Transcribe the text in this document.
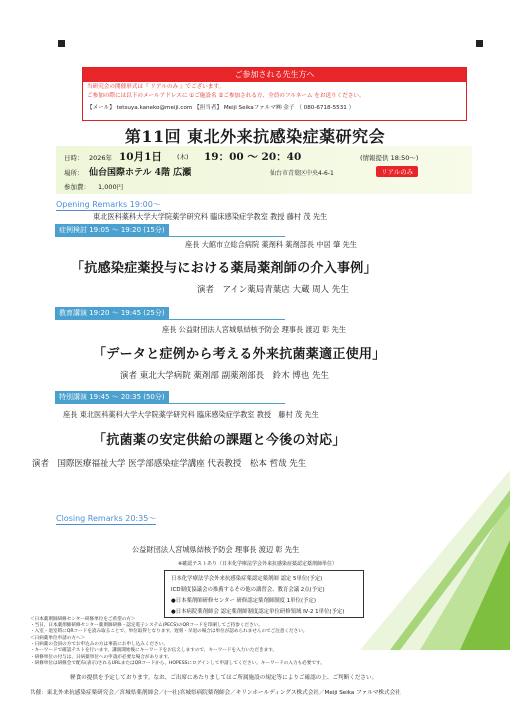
ご参加される先生方へ
当研究会の開催形式は『 リアルのみ 』でございます。
ご参加の際には以下のメールアドレスに ①ご施設名 ②ご参加される方、全員のフルネーム をお送りください。
【メール】 tetsuya.kaneko@meiji.com 【担当者】 Meiji Seikaファルマ㈱ 金子 （ 080-6718-5531 ）
第11回 東北外来抗感染症薬研究会
日時： 2026年 10月1日 (木) 19：00 ～ 20：40	(情報提供 18:50～)
場所： 仙台国際ホテル 4階 広瀬	仙台市青葉区中央4-6-1	リアルのみ
参加費： 1,000円
Opening Remarks 19:00～
東北医科薬科大学大学院薬学研究科 臨床感染症学教室 教授 藤村 茂 先生
症例検討 19:05 ～ 19:20 (15分)
座長 大館市立総合病院 薬剤科 薬剤部長 中居 肇 先生
「抗感染症薬投与における薬局薬剤師の介入事例」
演者　アイン薬局青葉店 大蔵 周人 先生
教育講演 19:20 ～ 19:45 (25分)
座長 公益財団法人宮城県結核予防会 理事長 渡辺 彰 先生
「データと症例から考える外来抗菌薬適正使用」
演者 東北大学病院 薬剤部 副薬剤部長　鈴木 博也 先生
特別講演 19:45 ～ 20:35 (50分)
座長 東北医科薬科大学大学院薬学研究科 臨床感染症学教室 教授　藤村 茂 先生
「抗菌薬の安定供給の課題と今後の対応」
演者　国際医療福祉大学 医学部感染症学講座 代表教授　松本 哲哉 先生
Closing Remarks 20:35～
公益財団法人宮城県結核予防会 理事長 渡辺 彰 先生
※確認テストあり（日本化学療法学会外来抗感染症薬認定薬剤師単位）
日本化学療法学会外来抗感染症薬認定薬剤師 認定 5単位(予定)
ICD制度協議会の推薦するその他の講習会、教育会議 2点(予定)
●日本薬剤師研修センター 研修認定薬剤師制度 1単位(予定)
●日本病院薬剤師会 認定薬剤師制度認定単位研修領域 Ⅳ-2 1単位(予定)
＜日本薬剤師研修センター研修単位をご希望の方＞
・当日、日本薬剤師研修センター薬剤師研修・認定電子システム(PECS)のQRコードを印刷してご持参ください。
・入室・退室時にQRコードを読み取ることで、単位取得となります。遅刻・早退の場合は単位が認められませんのでご注意ください。
＜日病薬単位申請の方へ＞
・日病薬の会員の方でお申込みの方は事前にお申し込みください。
・キーワードで確認テストを行います。講演開始後にキーワードをお伝えしますので、キーワードを入力いただきます。
・研修単位の付与は、日病薬単位への申請が必要な場合があります。
・研修単位は研修会で配布(表示)されるURLまたはQRコードから、HOPESSにログインして申請してください。キーワードの入力も必要です。
軽食の提供を予定しております。なお、ご出席にあたりましてはご所属施設の規定等によりご確認の上、ご判断ください。
共催：東北外来抗感染症薬研究会／宮城県薬剤師会／(一社)宮城県病院薬剤師会／キリンホールディングス株式会社／Meiji Seika ファルマ株式会社
